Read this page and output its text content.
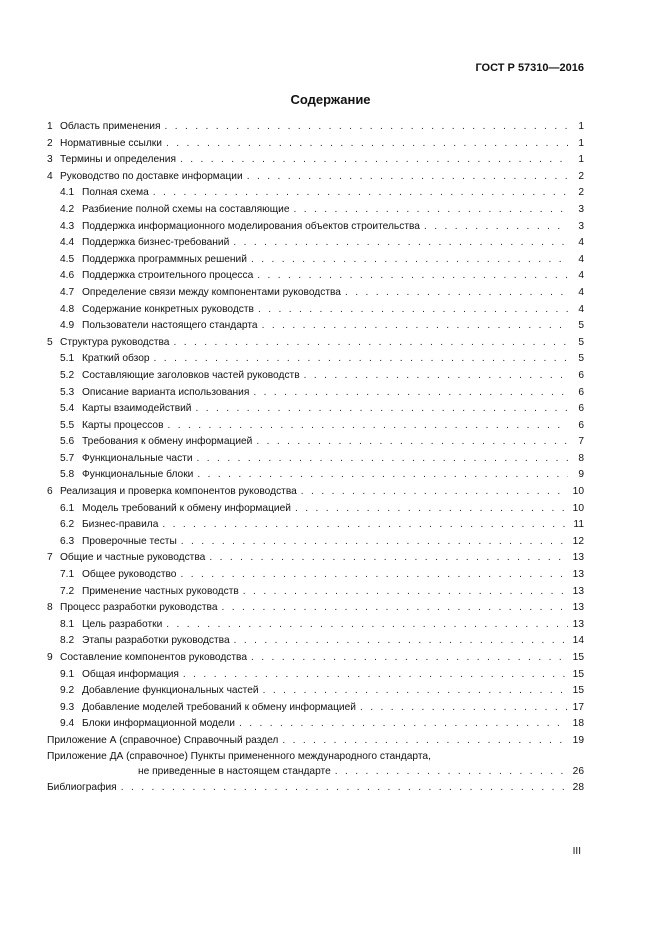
ГОСТ Р 57310—2016
Содержание
1 Область применения . . .	1
2 Нормативные ссылки . . .	1
3 Термины и определения . . .	1
4 Руководство по доставке информации . . .	2
4.1 Полная схема . . .	2
4.2 Разбиение полной схемы на составляющие . . .	3
4.3 Поддержка информационного моделирования объектов строительства . . .	3
4.4 Поддержка бизнес-требований . . .	4
4.5 Поддержка программных решений . . .	4
4.6 Поддержка строительного процесса . . .	4
4.7 Определение связи между компонентами руководства . . .	4
4.8 Содержание конкретных руководств . . .	4
4.9 Пользователи настоящего стандарта . . .	5
5 Структура руководства . . .	5
5.1 Краткий обзор . . .	5
5.2 Составляющие заголовков частей руководств . . .	6
5.3 Описание варианта использования . . .	6
5.4 Карты взаимодействий . . .	6
5.5 Карты процессов . . .	6
5.6 Требования к обмену информацией . . .	7
5.7 Функциональные части . . .	8
5.8 Функциональные блоки . . .	9
6 Реализация и проверка компонентов руководства . . .	10
6.1 Модель требований к обмену информацией . . .	10
6.2 Бизнес-правила . . .	11
6.3 Проверочные тесты . . .	12
7 Общие и частные руководства . . .	13
7.1 Общее руководство . . .	13
7.2 Применение частных руководств . . .	13
8 Процесс разработки руководства . . .	13
8.1 Цель разработки . . .	13
8.2 Этапы разработки руководства . . .	14
9 Составление компонентов руководства . . .	15
9.1 Общая информация . . .	15
9.2 Добавление функциональных частей . . .	15
9.3 Добавление моделей требований к обмену информацией . . .	17
9.4 Блоки информационной модели . . .	18
Приложение А (справочное) Справочный раздел . . .	19
Приложение ДА (справочное) Пункты примененного международного стандарта,
не приведенные в настоящем стандарте . . .	26
Библиография . . .	28
III
